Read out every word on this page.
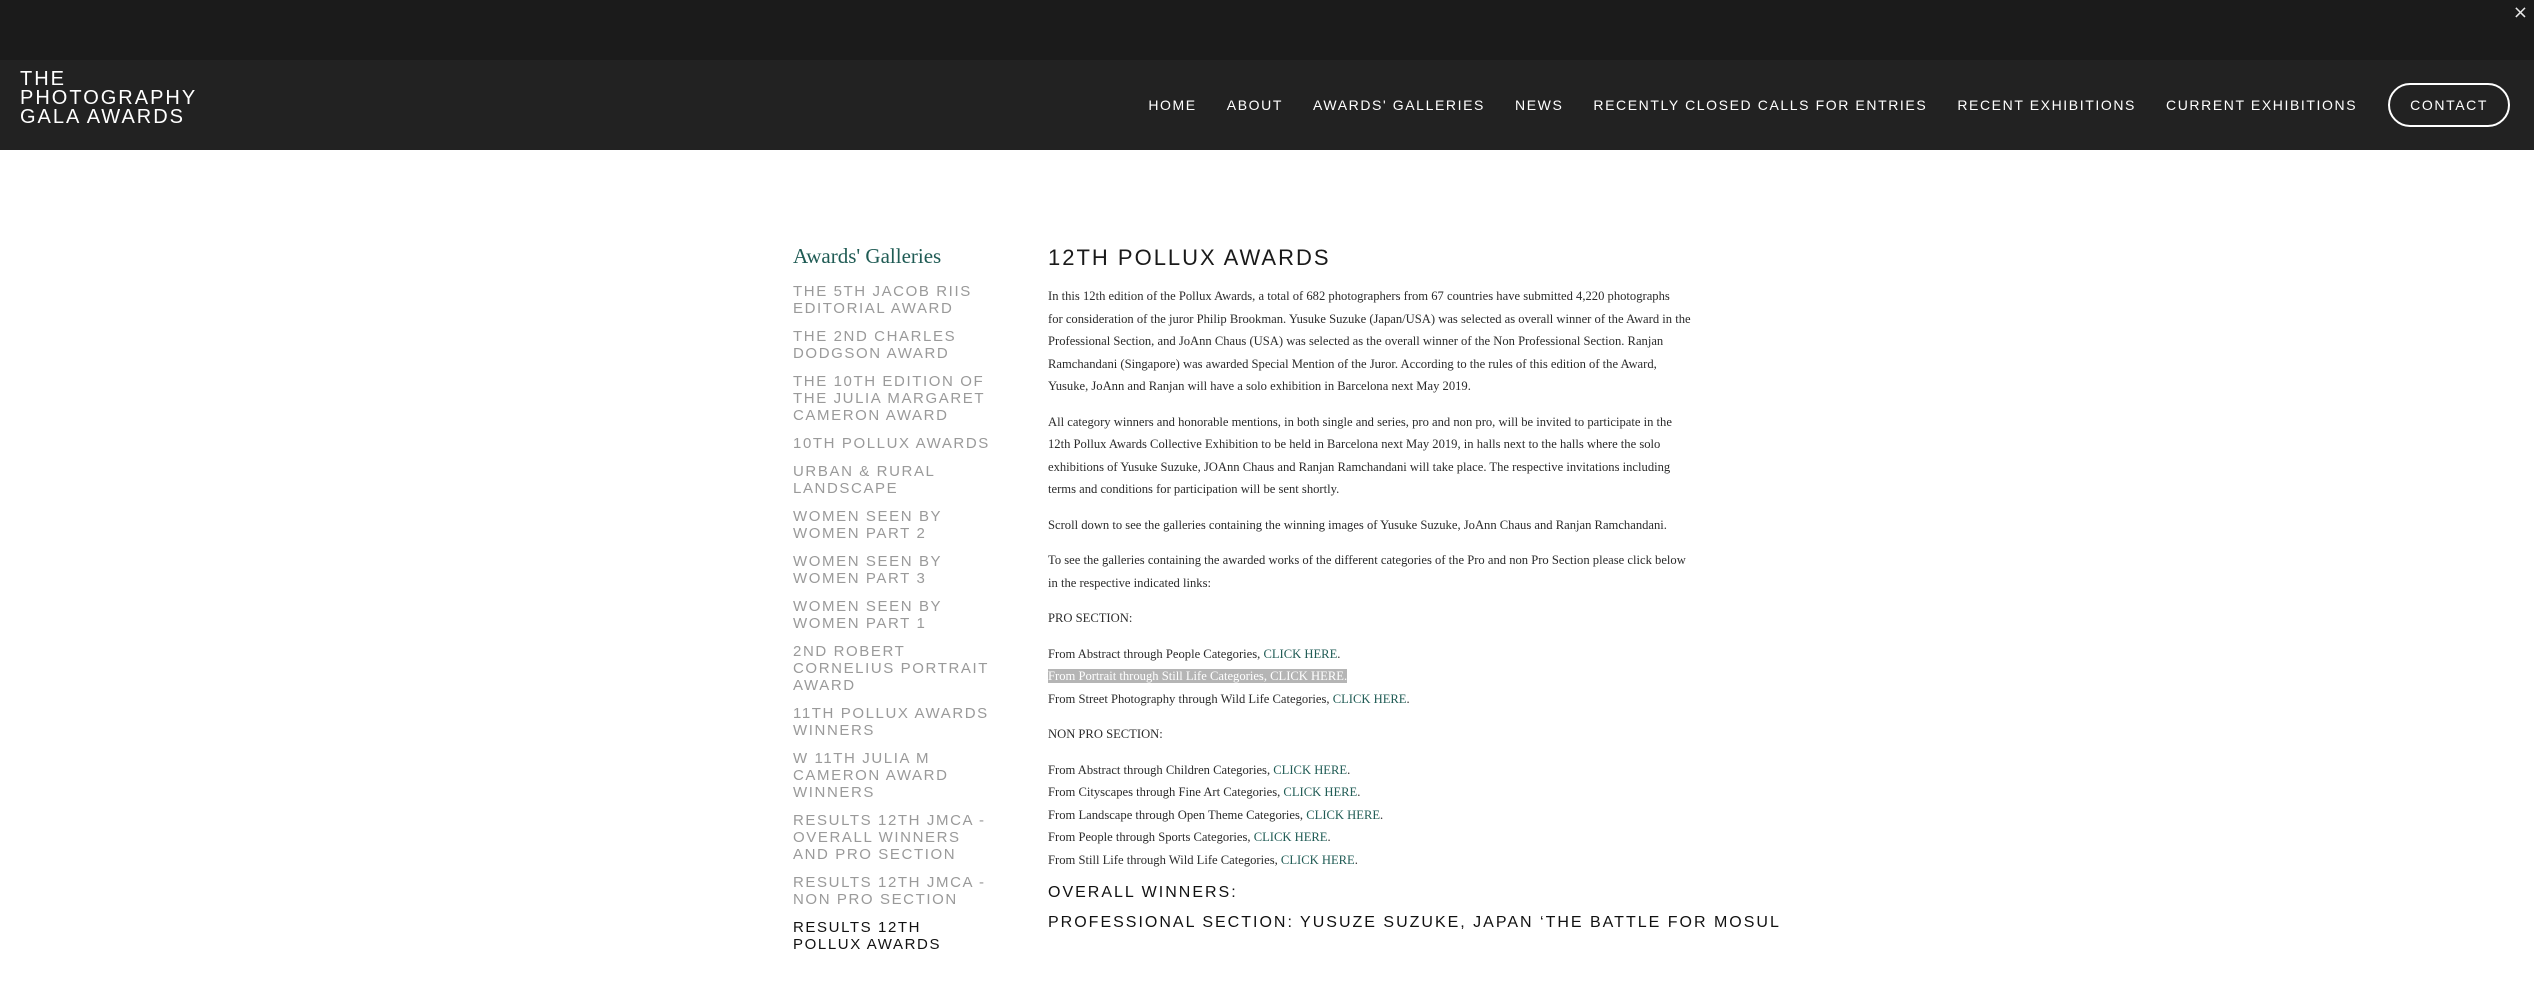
×
THE
PHOTOGRAPHY
GALA AWARDS
HOME ABOUT AWARDS' GALLERIES NEWS RECENTLY CLOSED CALLS FOR ENTRIES RECENT EXHIBITIONS CURRENT EXHIBITIONS	CONTACT
Awards' Galleries
THE 5TH JACOB RIIS EDITORIAL AWARD
THE 2ND CHARLES DODGSON AWARD
THE 10TH EDITION OF THE JULIA MARGARET CAMERON AWARD
10TH POLLUX AWARDS
URBAN & RURAL LANDSCAPE
WOMEN SEEN BY WOMEN PART 2
WOMEN SEEN BY WOMEN PART 3
WOMEN SEEN BY WOMEN PART 1
2ND ROBERT CORNELIUS PORTRAIT AWARD
11TH POLLUX AWARDS WINNERS
W 11TH JULIA M CAMERON AWARD WINNERS
RESULTS 12TH JMCA - OVERALL WINNERS AND PRO SECTION
RESULTS 12TH JMCA - NON PRO SECTION
RESULTS 12TH POLLUX AWARDS
12TH POLLUX AWARDS

In this 12th edition of the Pollux Awards, a total of 682 photographers from 67 countries have submitted 4,220 photographs
for consideration of the juror Philip Brookman. Yusuke Suzuke (Japan/USA) was selected as overall winner of the Award in the
Professional Section, and JoAnn Chaus (USA) was selected as the overall winner of the Non Professional Section. Ranjan
Ramchandani (Singapore) was awarded Special Mention of the Juror. According to the rules of this edition of the Award,
Yusuke, JoAnn and Ranjan will have a solo exhibition in Barcelona next May 2019.

All category winners and honorable mentions, in both single and series, pro and non pro, will be invited to participate in the
12th Pollux Awards Collective Exhibition to be held in Barcelona next May 2019, in halls next to the halls where the solo
exhibitions of Yusuke Suzuke, JOAnn Chaus and Ranjan Ramchandani will take place. The respective invitations including
terms and conditions for participation will be sent shortly.

Scroll down to see the galleries containing the winning images of Yusuke Suzuke, JoAnn Chaus and Ranjan Ramchandani.

To see the galleries containing the awarded works of the different categories of the Pro and non Pro Section please click below
in the respective indicated links:

PRO SECTION:

From Abstract through People Categories, CLICK HERE.
From Portrait through Still Life Categories, CLICK HERE.
From Street Photography through Wild Life Categories, CLICK HERE.

NON PRO SECTION:

From Abstract through Children Categories, CLICK HERE.
From Cityscapes through Fine Art Categories, CLICK HERE.
From Landscape through Open Theme Categories, CLICK HERE.
From People through Sports Categories, CLICK HERE.
From Still Life through Wild Life Categories, CLICK HERE.

OVERALL WINNERS:
PROFESSIONAL SECTION: YUSUZE SUZUKE, JAPAN ‘THE BATTLE FOR MOSUL
